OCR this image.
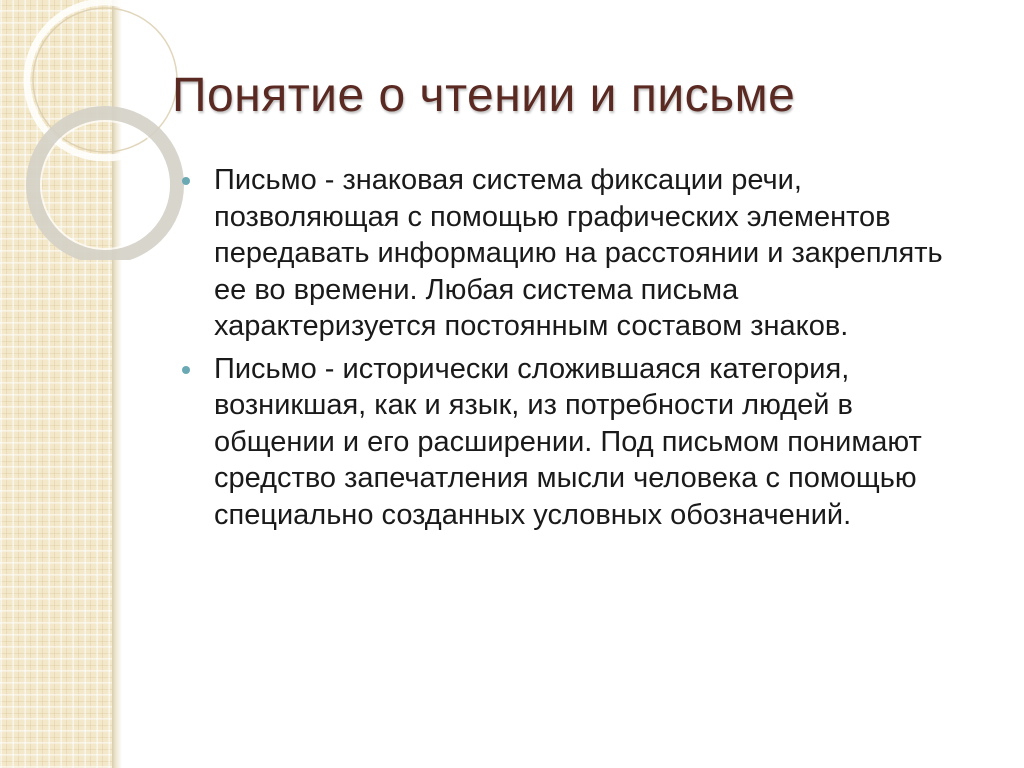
Понятие о чтении и письме
Письмо - знаковая система фиксации речи, позволяющая с помощью графических элементов передавать информацию на расстоянии и закреплять ее во времени. Любая система письма характеризуется постоянным составом знаков.
Письмо - исторически сложившаяся категория, возникшая, как и язык, из потребности людей в общении и его расширении. Под письмом понимают средство запечатления мысли человека с помощью специально созданных условных обозначений.
